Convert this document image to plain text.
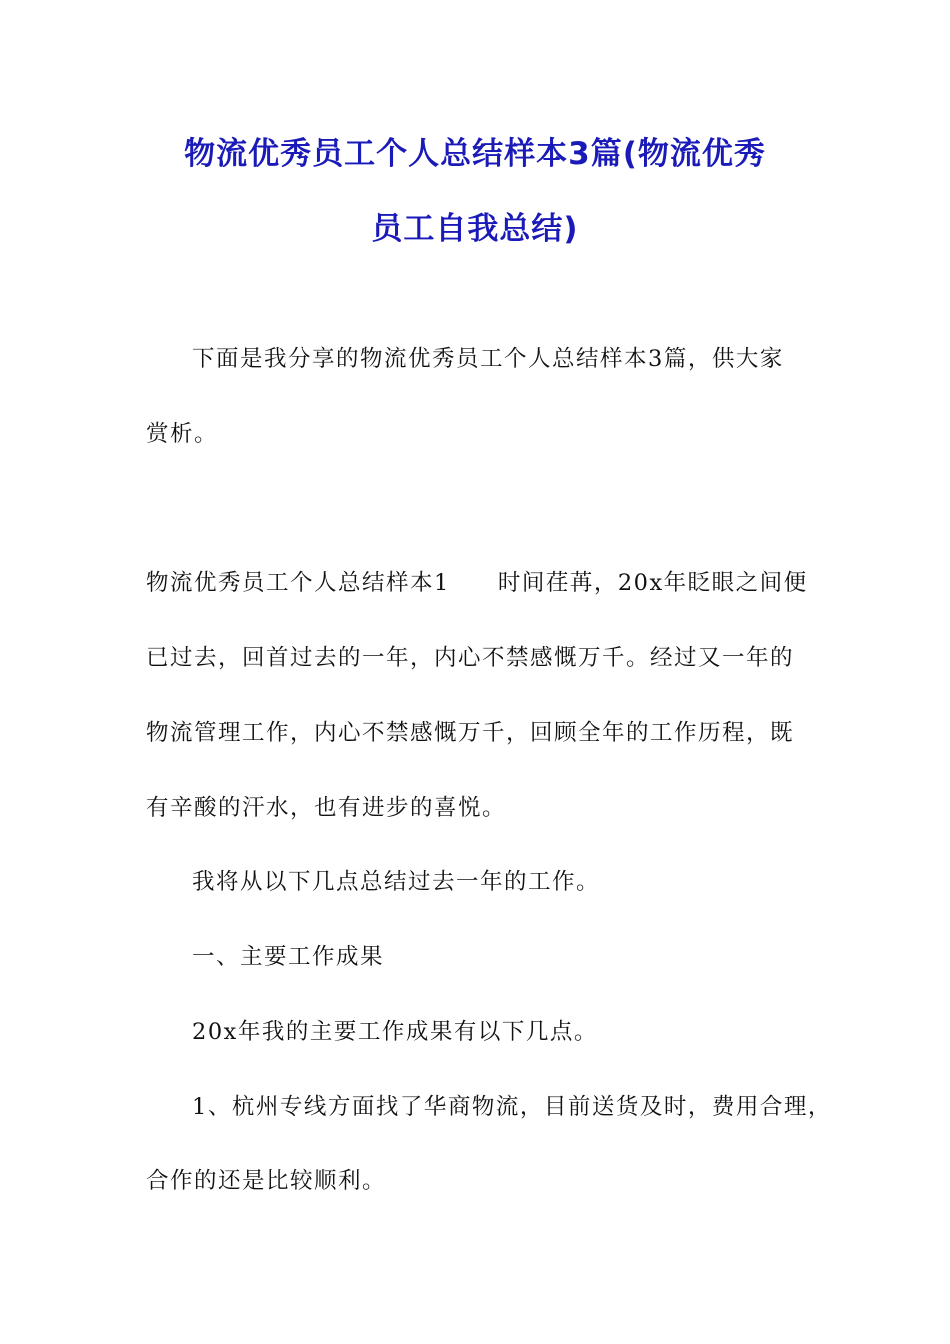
物流优秀员工个人总结样本3篇(物流优秀
员工自我总结)
下面是我分享的物流优秀员工个人总结样本3篇，供大家
赏析。
物流优秀员工个人总结样本1 时间荏苒，20x年眨眼之间便
已过去，回首过去的一年，内心不禁感慨万千。经过又一年的
物流管理工作，内心不禁感慨万千，回顾全年的工作历程，既
有辛酸的汗水，也有进步的喜悦。
我将从以下几点总结过去一年的工作。
一、主要工作成果
20x年我的主要工作成果有以下几点。
1、杭州专线方面找了华商物流，目前送货及时，费用合理，
合作的还是比较顺利。
